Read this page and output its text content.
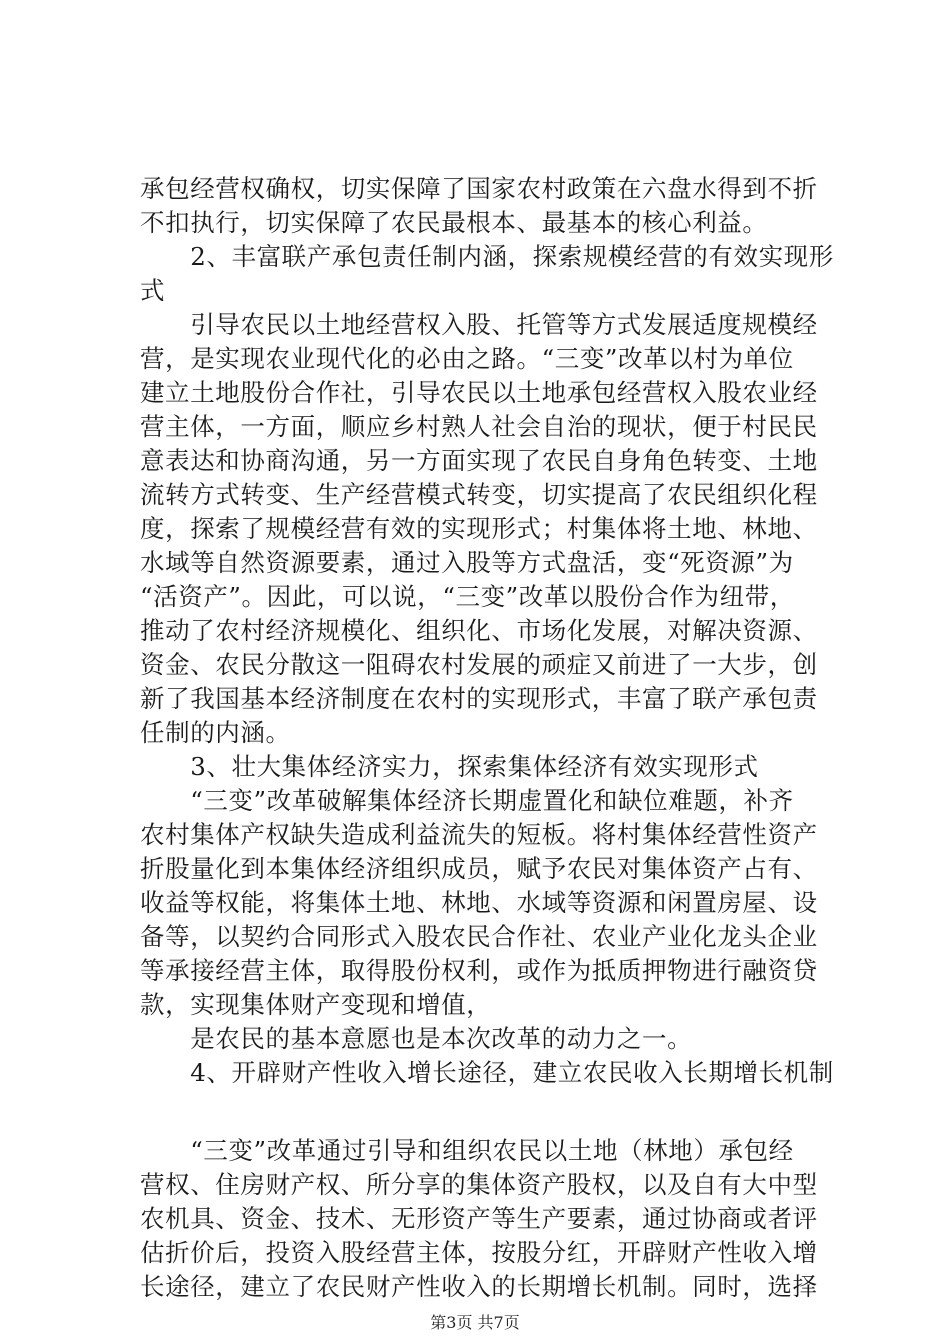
承包经营权确权，切实保障了国家农村政策在六盘水得到不折
不扣执行，切实保障了农民最根本、最基本的核心利益。
　　2、丰富联产承包责任制内涵，探索规模经营的有效实现形
式
　　引导农民以土地经营权入股、托管等方式发展适度规模经
营，是实现农业现代化的必由之路。“三变”改革以村为单位
建立土地股份合作社，引导农民以土地承包经营权入股农业经
营主体，一方面，顺应乡村熟人社会自治的现状，便于村民民
意表达和协商沟通，另一方面实现了农民自身角色转变、土地
流转方式转变、生产经营模式转变，切实提高了农民组织化程
度，探索了规模经营有效的实现形式；村集体将土地、林地、
水域等自然资源要素，通过入股等方式盘活，变“死资源”为
“活资产”。因此，可以说，“三变”改革以股份合作为纽带，
推动了农村经济规模化、组织化、市场化发展，对解决资源、
资金、农民分散这一阻碍农村发展的顽症又前进了一大步，创
新了我国基本经济制度在农村的实现形式，丰富了联产承包责
任制的内涵。
　　3、壮大集体经济实力，探索集体经济有效实现形式
　　“三变”改革破解集体经济长期虚置化和缺位难题，补齐
农村集体产权缺失造成利益流失的短板。将村集体经营性资产
折股量化到本集体经济组织成员，赋予农民对集体资产占有、
收益等权能，将集体土地、林地、水域等资源和闲置房屋、设
备等，以契约合同形式入股农民合作社、农业产业化龙头企业
等承接经营主体，取得股份权利，或作为抵质押物进行融资贷
款，实现集体财产变现和增值，
　　是农民的基本意愿也是本次改革的动力之一。
　　4、开辟财产性收入增长途径，建立农民收入长期增长机制
　　“三变”改革通过引导和组织农民以土地（林地）承包经
营权、住房财产权、所分享的集体资产股权，以及自有大中型
农机具、资金、技术、无形资产等生产要素，通过协商或者评
估折价后，投资入股经营主体，按股分红，开辟财产性收入增
长途径，建立了农民财产性收入的长期增长机制。同时，选择
第3页 共7页
